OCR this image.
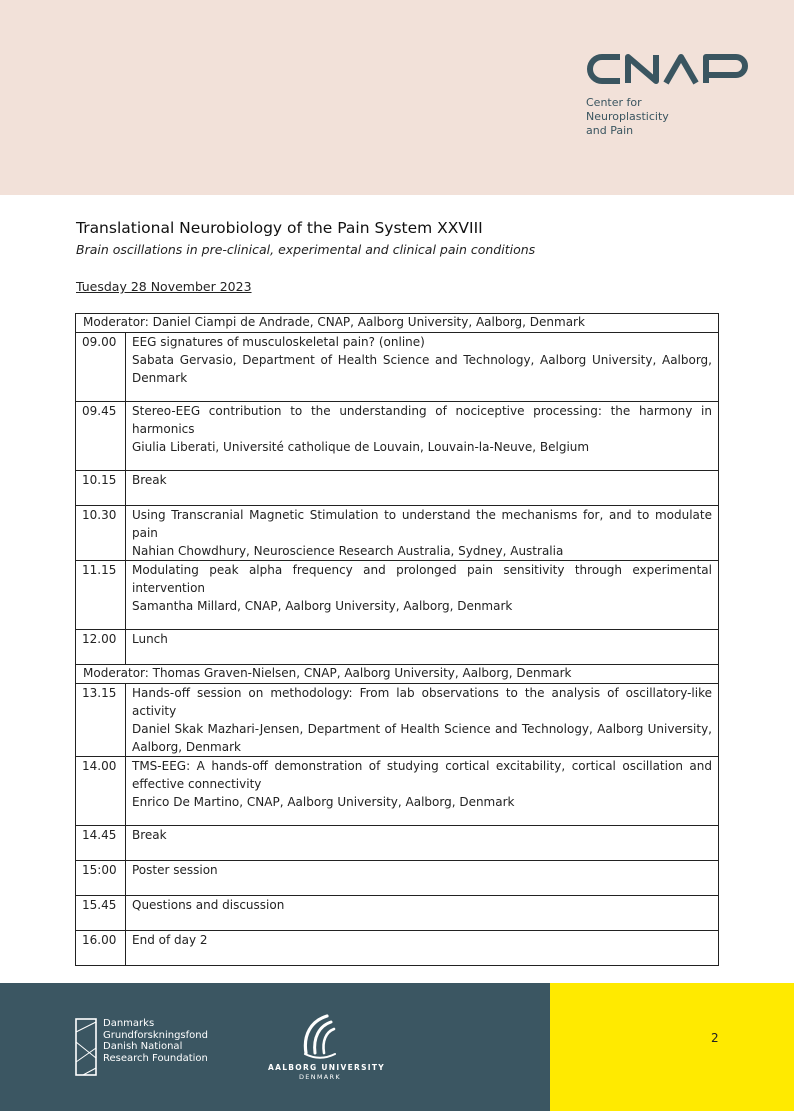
Center for
Neuroplasticity
and Pain
Translational Neurobiology of the Pain System XXVIII
Brain oscillations in pre-clinical, experimental and clinical pain conditions
Tuesday 28 November 2023
Moderator: Daniel Ciampi de Andrade, CNAP, Aalborg University, Aalborg, Denmark	
09.00	EEG signatures of musculoskeletal pain? (online)
Sabata Gervasio, Department of Health Science and Technology, Aalborg University, Aalborg, Denmark

09.45	Stereo-EEG contribution to the understanding of nociceptive processing: the harmony in harmonics
Giulia Liberati, Université catholique de Louvain, Louvain-la-Neuve, Belgium

10.15	Break

10.30	Using Transcranial Magnetic Stimulation to understand the mechanisms for, and to modulate pain
Nahian Chowdhury, Neuroscience Research Australia, Sydney, Australia

11.15	Modulating peak alpha frequency and prolonged pain sensitivity through experimental intervention
Samantha Millard, CNAP, Aalborg University, Aalborg, Denmark

12.00	Lunch

Moderator: Thomas Graven-Nielsen, CNAP, Aalborg University, Aalborg, Denmark	
13.15	Hands-off session on methodology: From lab observations to the analysis of oscillatory-like activity
Daniel Skak Mazhari-Jensen, Department of Health Science and Technology, Aalborg University, Aalborg, Denmark

14.00	TMS-EEG: A hands-off demonstration of studying cortical excitability, cortical oscillation and effective connectivity
Enrico De Martino, CNAP, Aalborg University, Aalborg, Denmark

14.45	Break

15:00	Poster session

15.45	Questions and discussion

16.00	End of day 2
Danmarks
Grundforskningsfond
Danish National
Research Foundation
AALBORG UNIVERSITY
DENMARK
2
